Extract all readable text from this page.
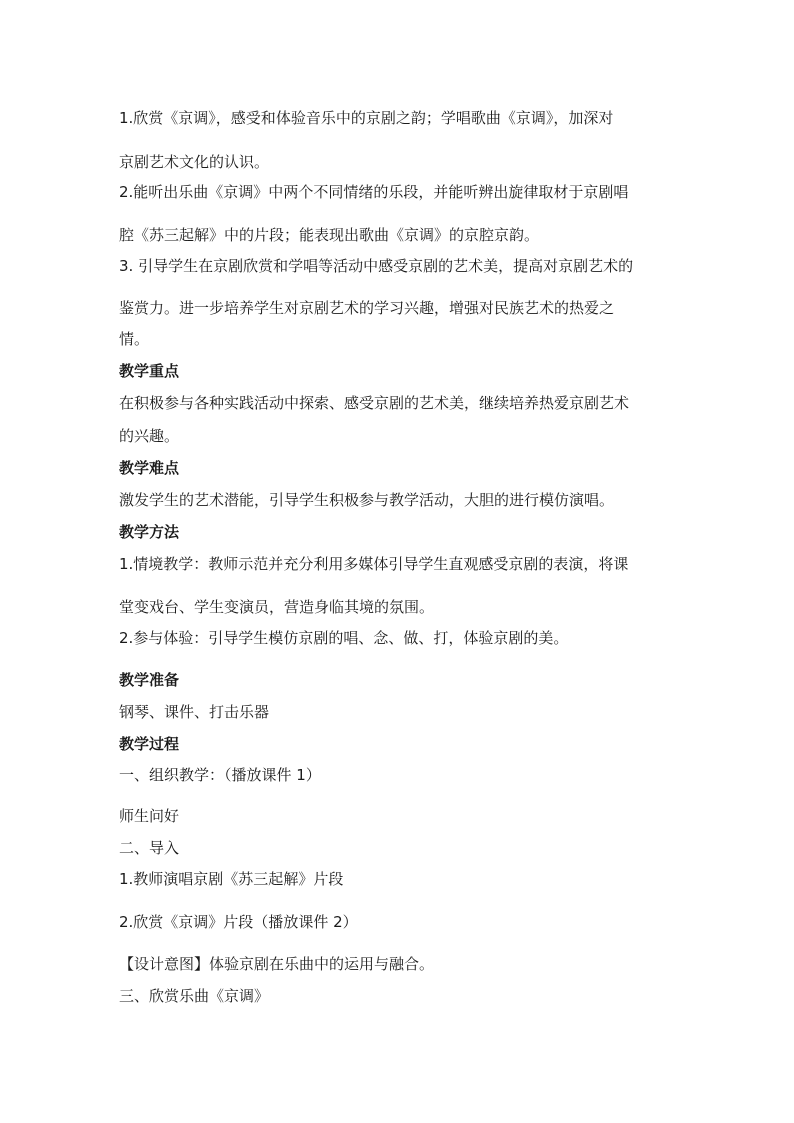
1.欣赏《京调》，感受和体验音乐中的京剧之韵；学唱歌曲《京调》，加深对

京剧艺术文化的认识。

2.能听出乐曲《京调》中两个不同情绪的乐段，并能听辨出旋律取材于京剧唱

腔《苏三起解》中的片段；能表现出歌曲《京调》的京腔京韵。

3. 引导学生在京剧欣赏和学唱等活动中感受京剧的艺术美，提高对京剧艺术的

鉴赏力。进一步培养学生对京剧艺术的学习兴趣，增强对民族艺术的热爱之

情。

教学重点

在积极参与各种实践活动中探索、感受京剧的艺术美，继续培养热爱京剧艺术

的兴趣。

教学难点

激发学生的艺术潜能，引导学生积极参与教学活动，大胆的进行模仿演唱。

教学方法

1.情境教学：教师示范并充分利用多媒体引导学生直观感受京剧的表演，将课

堂变戏台、学生变演员，营造身临其境的氛围。

2.参与体验：引导学生模仿京剧的唱、念、做、打，体验京剧的美。

教学准备

钢琴、课件、打击乐器

教学过程

一、组织教学：（播放课件 1）

师生问好

二、导入

1.教师演唱京剧《苏三起解》片段

2.欣赏《京调》片段（播放课件 2）

【设计意图】体验京剧在乐曲中的运用与融合。

三、欣赏乐曲《京调》
